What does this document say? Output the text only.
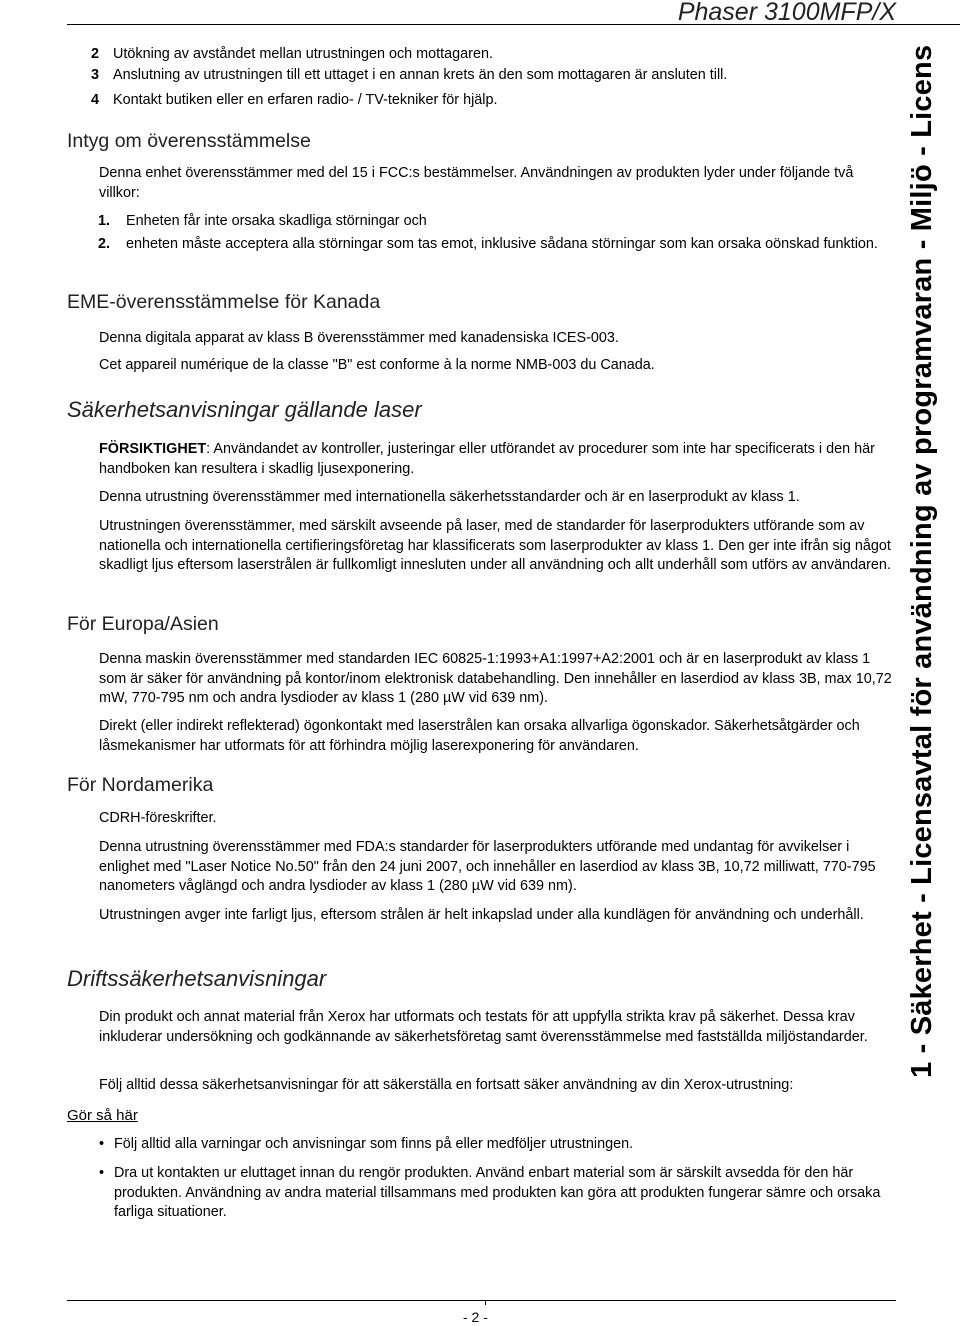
Phaser 3100MFP/X
1 - Säkerhet - Licensavtal för användning av programvaran - Miljö - Licens
2 Utökning av avståndet mellan utrustningen och mottagaren.
3 Anslutning av utrustningen till ett uttaget i en annan krets än den som mottagaren är ansluten till.
4 Kontakt butiken eller en erfaren radio- / TV-tekniker för hjälp.
Intyg om överensstämmelse
Denna enhet överensstämmer med del 15 i FCC:s bestämmelser. Användningen av produkten lyder under följande två villkor:
1. Enheten får inte orsaka skadliga störningar och
2. enheten måste acceptera alla störningar som tas emot, inklusive sådana störningar som kan orsaka oönskad funktion.
EME-överensstämmelse för Kanada
Denna digitala apparat av klass B överensstämmer med kanadensiska ICES-003.
Cet appareil numérique de la classe "B" est conforme à la norme NMB-003 du Canada.
Säkerhetsanvisningar gällande laser
FÖRSIKTIGHET: Användandet av kontroller, justeringar eller utförandet av procedurer som inte har specificerats i den här handboken kan resultera i skadlig ljusexponering.
Denna utrustning överensstämmer med internationella säkerhetsstandarder och är en laserprodukt av klass 1.
Utrustningen överensstämmer, med särskilt avseende på laser, med de standarder för laserprodukters utförande som av nationella och internationella certifieringsföretag har klassificerats som laserprodukter av klass 1. Den ger inte ifrån sig något skadligt ljus eftersom laserstrålen är fullkomligt innesluten under all användning och allt underhåll som utförs av användaren.
För Europa/Asien
Denna maskin överensstämmer med standarden IEC 60825-1:1993+A1:1997+A2:2001 och är en laserprodukt av klass 1 som är säker för användning på kontor/inom elektronisk databehandling. Den innehåller en laserdiod av klass 3B, max 10,72 mW, 770-795 nm och andra lysdioder av klass 1 (280 µW vid 639 nm).
Direkt (eller indirekt reflekterad) ögonkontakt med laserstrålen kan orsaka allvarliga ögonskador. Säkerhetsåtgärder och låsmekanismer har utformats för att förhindra möjlig laserexponering för användaren.
För Nordamerika
CDRH-föreskrifter.
Denna utrustning överensstämmer med FDA:s standarder för laserprodukters utförande med undantag för avvikelser i enlighet med "Laser Notice No.50" från den 24 juni 2007, och innehåller en laserdiod av klass 3B, 10,72 milliwatt, 770-795 nanometers våglängd och andra lysdioder av klass 1 (280 µW vid 639 nm).
Utrustningen avger inte farligt ljus, eftersom strålen är helt inkapslad under alla kundlägen för användning och underhåll.
Driftssäkerhetsanvisningar
Din produkt och annat material från Xerox har utformats och testats för att uppfylla strikta krav på säkerhet. Dessa krav inkluderar undersökning och godkännande av säkerhetsföretag samt överensstämmelse med fastställda miljöstandarder.
Följ alltid dessa säkerhetsanvisningar för att säkerställa en fortsatt säker användning av din Xerox-utrustning:
Gör så här
• Följ alltid alla varningar och anvisningar som finns på eller medföljer utrustningen.
• Dra ut kontakten ur eluttaget innan du rengör produkten. Använd enbart material som är särskilt avsedda för den här produkten. Användning av andra material tillsammans med produkten kan göra att produkten fungerar sämre och orsaka farliga situationer.
- 2 -
